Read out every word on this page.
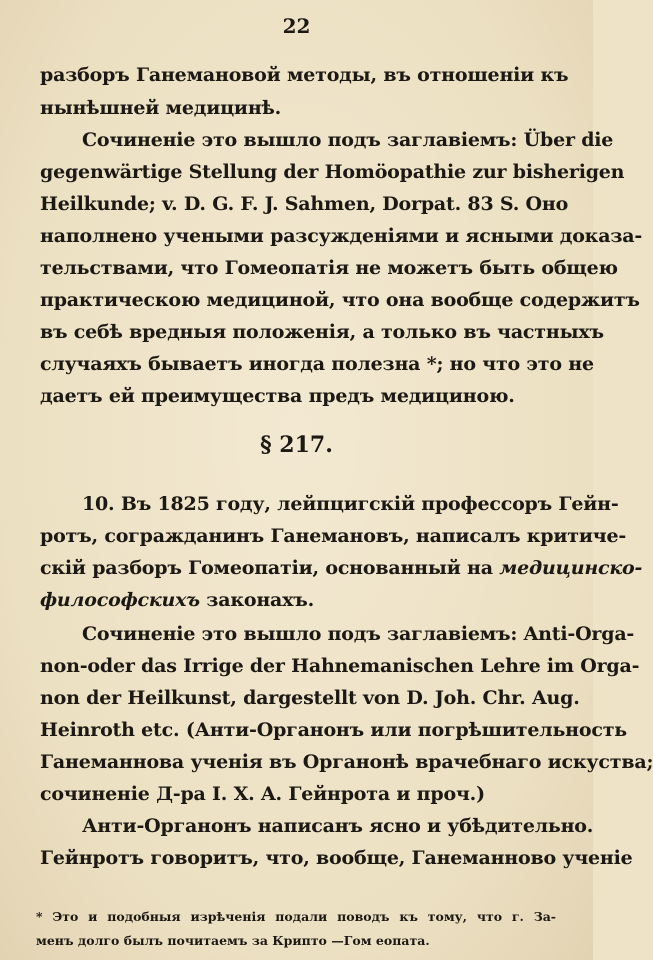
22
разборъ Ганемановой методы, въ отношенiи къ
нынѣшней медицинѣ.
Сочиненiе это вышло подъ заглавiемъ: Über die
gegenwärtige Stellung der Homöopathie zur bisherigen
Heilkunde; v. D. G. F. J. Sahmen, Dorpat. 83 S. Оно
наполнено учеными разсужденiями и ясными доказа-
тельствами, что Гомеопатiя не можетъ быть общею
практическою медициной, что она вообще содержитъ
въ себѣ вредныя положенiя, а только въ частныхъ
случаяхъ бываетъ иногда полезна *; но что это не
даетъ ей преимущества предъ медициною.
§ 217.
10. Въ 1825 году, лейпцигскiй профессоръ Гейн-
ротъ, согражданинъ Ганемановъ, написалъ критиче-
скiй разборъ Гомеопатiи, основанный на медицинско-
философскихъ законахъ.
Сочиненiе это вышло подъ заглавiемъ: Anti-Orga-
non-oder das Irrige der Hahnemanischen Lehre im Orga-
non der Heilkunst, dargestellt von D. Joh. Chr. Aug.
Heinroth etc. (Анти-Органонъ или погрѣшительность
Ганеманнова ученiя въ Органонѣ врачебнаго искуства;
сочиненiе Д-ра I. X. A. Гейнрота и проч.)
Анти-Органонъ написанъ ясно и убѣдительно.
Гейнротъ говоритъ, что, вообще, Ганеманново ученiе
* Это и подобныя изрѣченiя подали поводъ къ тому, что г. За-
менъ долго былъ почитаемъ за Крипто —Гом еопата.
